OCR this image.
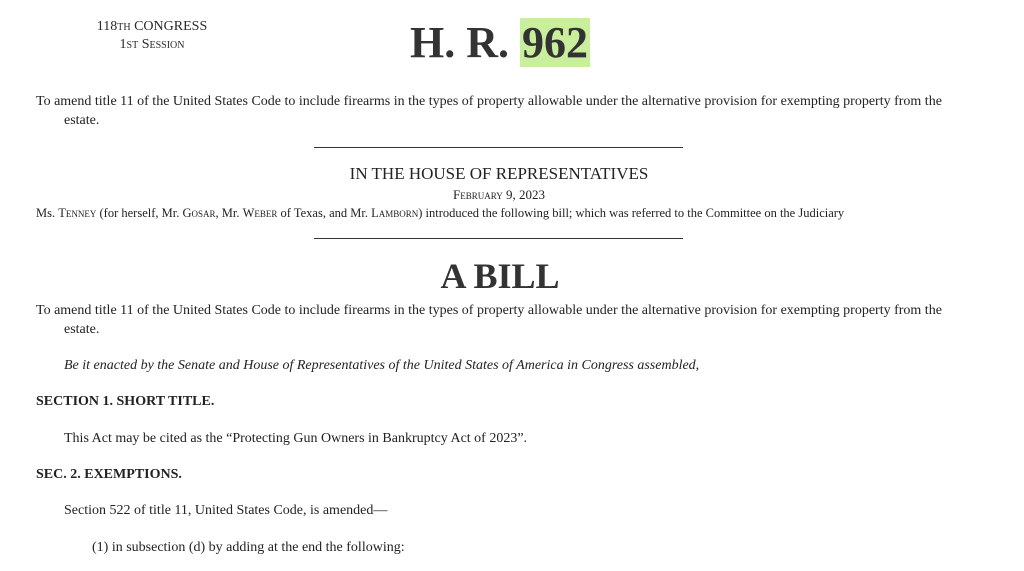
118th CONGRESS
1st Session	H. R. 962
To amend title 11 of the United States Code to include firearms in the types of property allowable under the alternative provision for exempting property from the
estate.
IN THE HOUSE OF REPRESENTATIVES
February 9, 2023
Ms. Tenney (for herself, Mr. Gosar, Mr. Weber of Texas, and Mr. Lamborn) introduced the following bill; which was referred to the Committee on the Judiciary
A BILL
To amend title 11 of the United States Code to include firearms in the types of property allowable under the alternative provision for exempting property from the
estate.
Be it enacted by the Senate and House of Representatives of the United States of America in Congress assembled,
SECTION 1. SHORT TITLE.
This Act may be cited as the “Protecting Gun Owners in Bankruptcy Act of 2023”.
SEC. 2. EXEMPTIONS.
Section 522 of title 11, United States Code, is amended—
(1) in subsection (d) by adding at the end the following:
